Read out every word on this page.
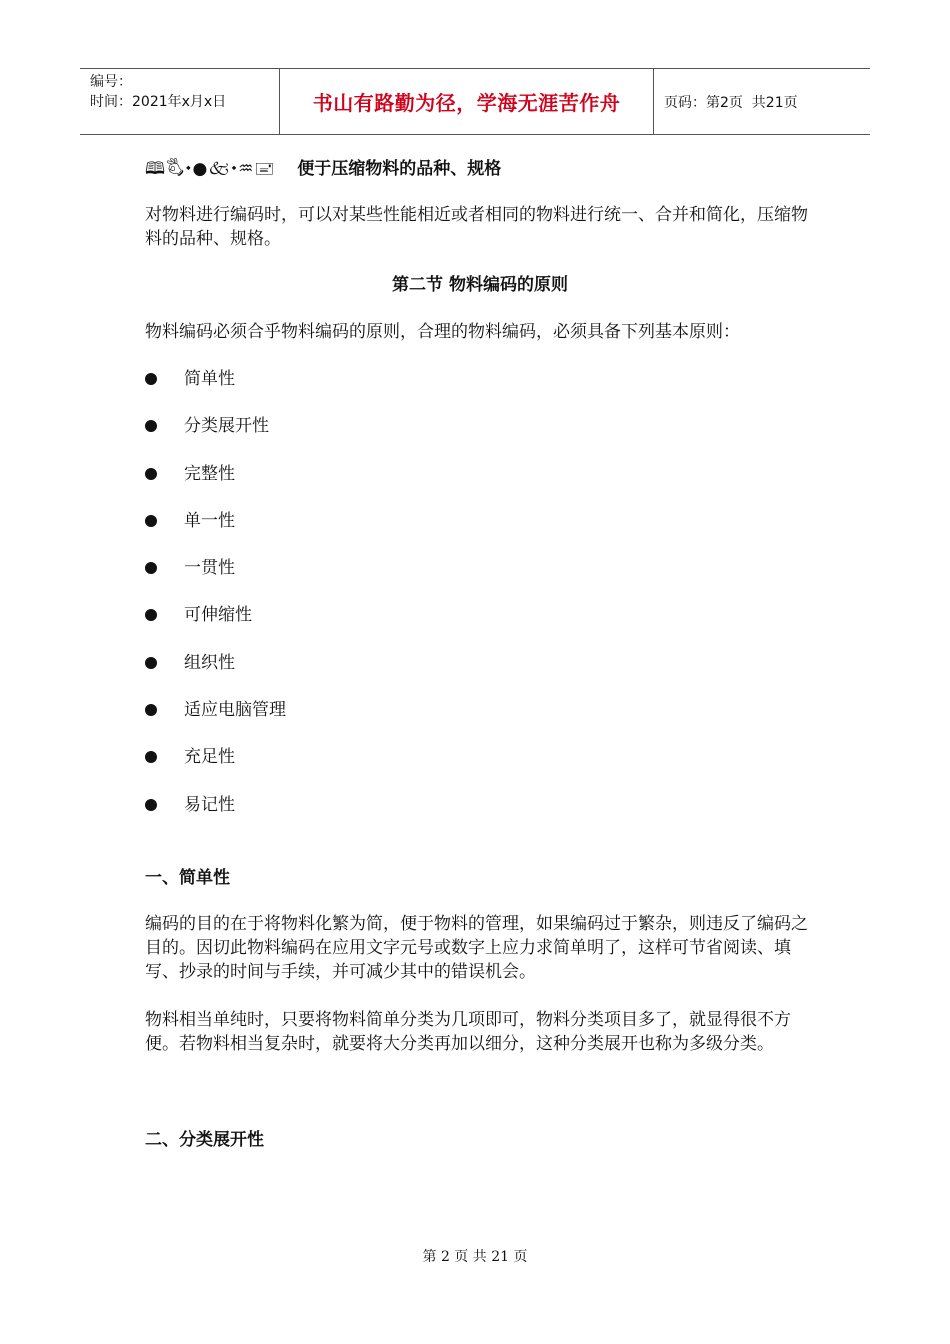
编号：
时间：2021年x月x日	书山有路勤为径，学海无涯苦作舟	页码：第2页  共21页
🕮🖏⬩●🙵⬩♒🖃 便于压缩物料的品种、规格

对物料进行编码时，可以对某些性能相近或者相同的物料进行统一、合并和简化，压缩物料的品种、规格。

第二节 物料编码的原则

物料编码必须合乎物料编码的原则，合理的物料编码，必须具备下列基本原则：

简单性
分类展开性
完整性
单一性
一贯性
可伸缩性
组织性
适应电脑管理
充足性
易记性
一、简单性

编码的目的在于将物料化繁为简，便于物料的管理，如果编码过于繁杂，则违反了编码之目的。因切此物料编码在应用文字元号或数字上应力求简单明了，这样可节省阅读、填写、抄录的时间与手续，并可减少其中的错误机会。

物料相当单纯时，只要将物料简单分类为几项即可，物料分类项目多了，就显得很不方便。若物料相当复杂时，就要将大分类再加以细分，这种分类展开也称为多级分类。

二、分类展开性
第 2 页 共 21 页
